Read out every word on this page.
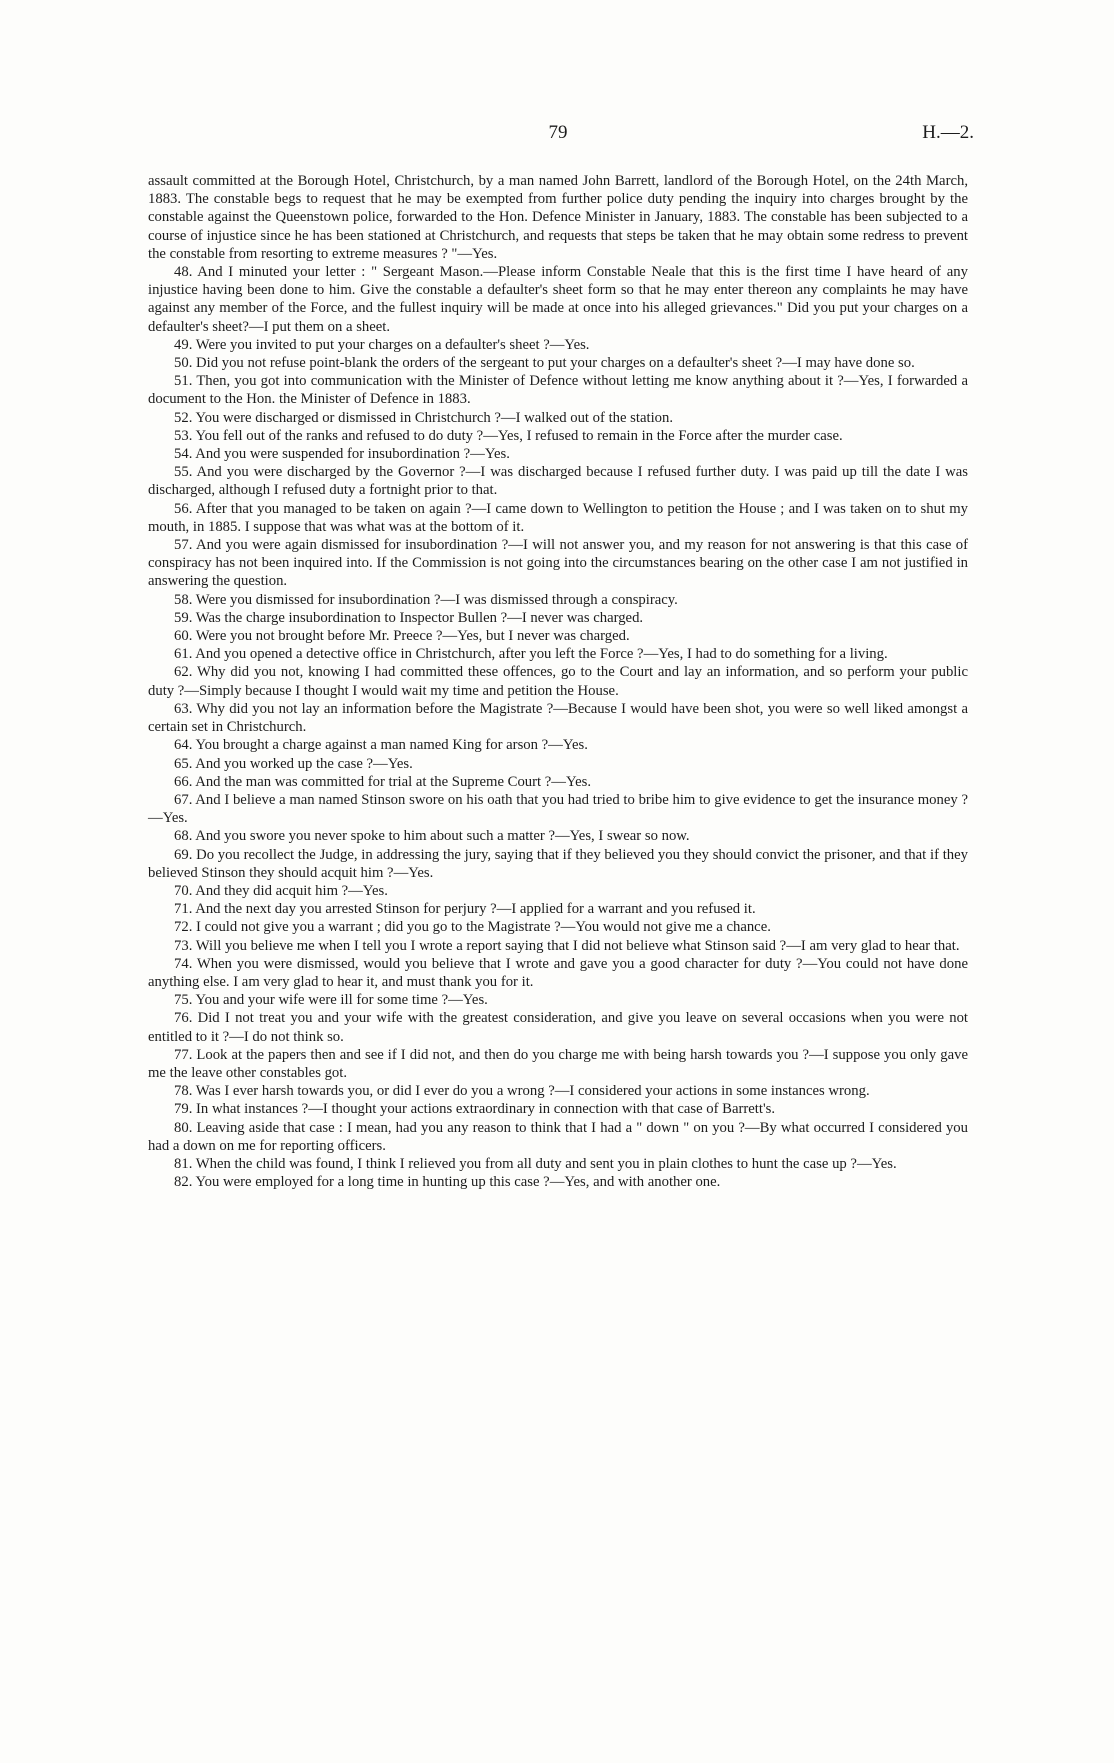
79	H.—2.

assault committed at the Borough Hotel, Christchurch, by a man named John Barrett, landlord of the Borough Hotel, on the 24th March, 1883. The constable begs to request that he may be exempted from further police duty pending the inquiry into charges brought by the constable against the Queenstown police, forwarded to the Hon. Defence Minister in January, 1883. The constable has been subjected to a course of injustice since he has been stationed at Christchurch, and requests that steps be taken that he may obtain some redress to prevent the constable from resorting to extreme measures ? "—Yes.

48. And I minuted your letter : " Sergeant Mason.—Please inform Constable Neale that this is the first time I have heard of any injustice having been done to him. Give the constable a defaulter's sheet form so that he may enter thereon any complaints he may have against any member of the Force, and the fullest inquiry will be made at once into his alleged grievances." Did you put your charges on a defaulter's sheet?—I put them on a sheet.

49. Were you invited to put your charges on a defaulter's sheet ?—Yes.

50. Did you not refuse point-blank the orders of the sergeant to put your charges on a defaulter's sheet ?—I may have done so.

51. Then, you got into communication with the Minister of Defence without letting me know anything about it ?—Yes, I forwarded a document to the Hon. the Minister of Defence in 1883.

52. You were discharged or dismissed in Christchurch ?—I walked out of the station.

53. You fell out of the ranks and refused to do duty ?—Yes, I refused to remain in the Force after the murder case.

54. And you were suspended for insubordination ?—Yes.

55. And you were discharged by the Governor ?—I was discharged because I refused further duty. I was paid up till the date I was discharged, although I refused duty a fortnight prior to that.

56. After that you managed to be taken on again ?—I came down to Wellington to petition the House ; and I was taken on to shut my mouth, in 1885. I suppose that was what was at the bottom of it.

57. And you were again dismissed for insubordination ?—I will not answer you, and my reason for not answering is that this case of conspiracy has not been inquired into. If the Commission is not going into the circumstances bearing on the other case I am not justified in answering the question.

58. Were you dismissed for insubordination ?—I was dismissed through a conspiracy.

59. Was the charge insubordination to Inspector Bullen ?—I never was charged.

60. Were you not brought before Mr. Preece ?—Yes, but I never was charged.

61. And you opened a detective office in Christchurch, after you left the Force ?—Yes, I had to do something for a living.

62. Why did you not, knowing I had committed these offences, go to the Court and lay an information, and so perform your public duty ?—Simply because I thought I would wait my time and petition the House.

63. Why did you not lay an information before the Magistrate ?—Because I would have been shot, you were so well liked amongst a certain set in Christchurch.

64. You brought a charge against a man named King for arson ?—Yes.

65. And you worked up the case ?—Yes.

66. And the man was committed for trial at the Supreme Court ?—Yes.

67. And I believe a man named Stinson swore on his oath that you had tried to bribe him to give evidence to get the insurance money ?—Yes.

68. And you swore you never spoke to him about such a matter ?—Yes, I swear so now.

69. Do you recollect the Judge, in addressing the jury, saying that if they believed you they should convict the prisoner, and that if they believed Stinson they should acquit him ?—Yes.

70. And they did acquit him ?—Yes.

71. And the next day you arrested Stinson for perjury ?—I applied for a warrant and you refused it.

72. I could not give you a warrant ; did you go to the Magistrate ?—You would not give me a chance.

73. Will you believe me when I tell you I wrote a report saying that I did not believe what Stinson said ?—I am very glad to hear that.

74. When you were dismissed, would you believe that I wrote and gave you a good character for duty ?—You could not have done anything else. I am very glad to hear it, and must thank you for it.

75. You and your wife were ill for some time ?—Yes.

76. Did I not treat you and your wife with the greatest consideration, and give you leave on several occasions when you were not entitled to it ?—I do not think so.

77. Look at the papers then and see if I did not, and then do you charge me with being harsh towards you ?—I suppose you only gave me the leave other constables got.

78. Was I ever harsh towards you, or did I ever do you a wrong ?—I considered your actions in some instances wrong.

79. In what instances ?—I thought your actions extraordinary in connection with that case of Barrett's.

80. Leaving aside that case : I mean, had you any reason to think that I had a " down " on you ?—By what occurred I considered you had a down on me for reporting officers.

81. When the child was found, I think I relieved you from all duty and sent you in plain clothes to hunt the case up ?—Yes.

82. You were employed for a long time in hunting up this case ?—Yes, and with another one.
